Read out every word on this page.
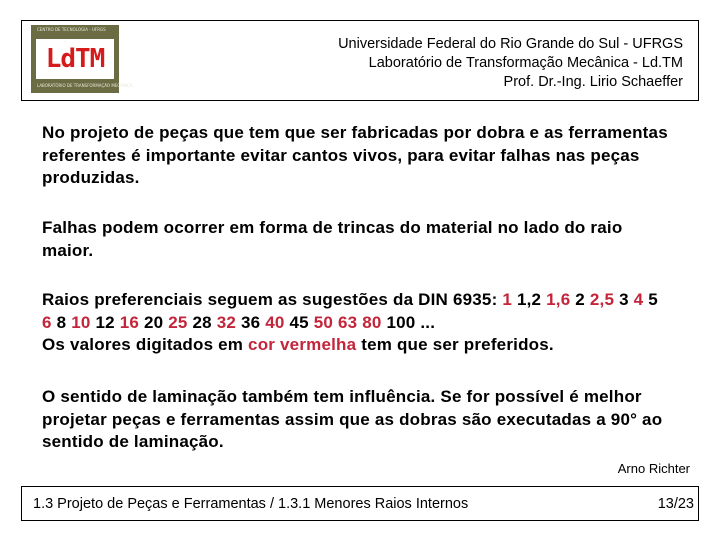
CENTRO DE TECNOLOGIA - UFRGS
LdTM
LABORATÓRIO DE TRANSFORMAÇÃO MECÂNICA
Universidade Federal do Rio Grande do Sul - UFRGS
Laboratório de Transformação Mecânica - Ld.TM
Prof. Dr.-Ing. Lirio Schaeffer
No projeto de peças que tem que ser fabricadas por dobra e as ferramentas referentes é importante evitar cantos vivos, para evitar falhas nas peças produzidas.
Falhas podem ocorrer em forma de trincas do material no lado do raio maior.
Raios preferenciais seguem as sugestões da DIN 6935: 1 1,2 1,6 2 2,5 3 4 5 6 8 10 12 16 20 25 28 32 36 40 45 50 63 80 100 ...
Os valores digitados em cor vermelha tem que ser preferidos.
O sentido de laminação também tem influência. Se for possível é melhor projetar peças e ferramentas assim que as dobras são executadas a 90° ao sentido de laminação.
Arno Richter
1.3 Projeto de Peças e Ferramentas / 1.3.1 Menores Raios Internos	13/23
